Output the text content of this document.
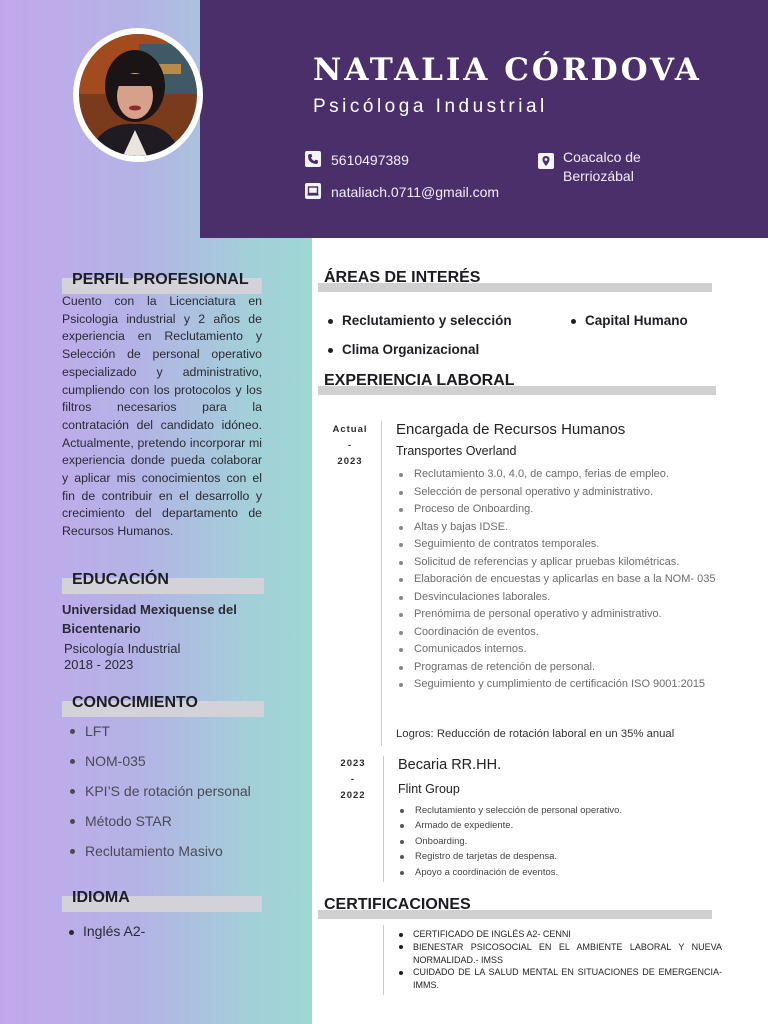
NATALIA CÓRDOVA
Psicóloga Industrial
5610497389
nataliach.0711@gmail.com
Coacalco de
Berriozábal
PERFIL PROFESIONAL
Cuento con la Licenciatura en Psicologia industrial y 2 años de experiencia en Reclutamiento y Selección de personal operativo especializado y administrativo, cumpliendo con los protocolos y los filtros necesarios para la contratación del candidato idóneo. Actualmente, pretendo incorporar mi experiencia donde pueda colaborar y aplicar mis conocimientos con el fin de contribuir en el desarrollo y crecimiento del departamento de Recursos Humanos.
EDUCACIÓN
Universidad Mexiquense del Bicentenario
Psicología Industrial
2018 - 2023
CONOCIMIENTO
LFT
NOM-035
KPI’S de rotación personal
Método STAR
Reclutamiento Masivo
IDIOMA
Inglés A2-
ÁREAS DE INTERÉS
Reclutamiento y selección	Capital Humano
Clima Organizacional
EXPERIENCIA LABORAL
Actual
-
2023
Encargada de Recursos Humanos
Transportes Overland
Reclutamiento 3.0, 4.0, de campo, ferias de empleo.
Selección de personal operativo y administrativo.
Proceso de Onboarding.
Altas y bajas IDSE.
Seguimiento de contratos temporales.
Solicitud de referencias y aplicar pruebas kilométricas.
Elaboración de encuestas y aplicarlas en base a la NOM- 035
Desvinculaciones laborales.
Prenómima de personal operativo y administrativo.
Coordinación de eventos.
Comunicados internos.
Programas de retención de personal.
Seguimiento y cumplimiento de certificación ISO 9001:2015
Logros: Reducción de rotación laboral en un 35% anual
2023
-
2022
Becaria RR.HH.
Flint Group
Reclutamiento y selección de personal operativo.
Armado de expediente.
Onboarding.
Registro de tarjetas de despensa.
Apoyo a coordinación de eventos.
CERTIFICACIONES
CERTIFICADO DE INGLÉS A2- CENNI
BIENESTAR PSICOSOCIAL EN EL AMBIENTE LABORAL Y NUEVA NORMALIDAD.- IMSS
CUIDADO DE LA SALUD MENTAL EN SITUACIONES DE EMERGENCIA- IMMS.
